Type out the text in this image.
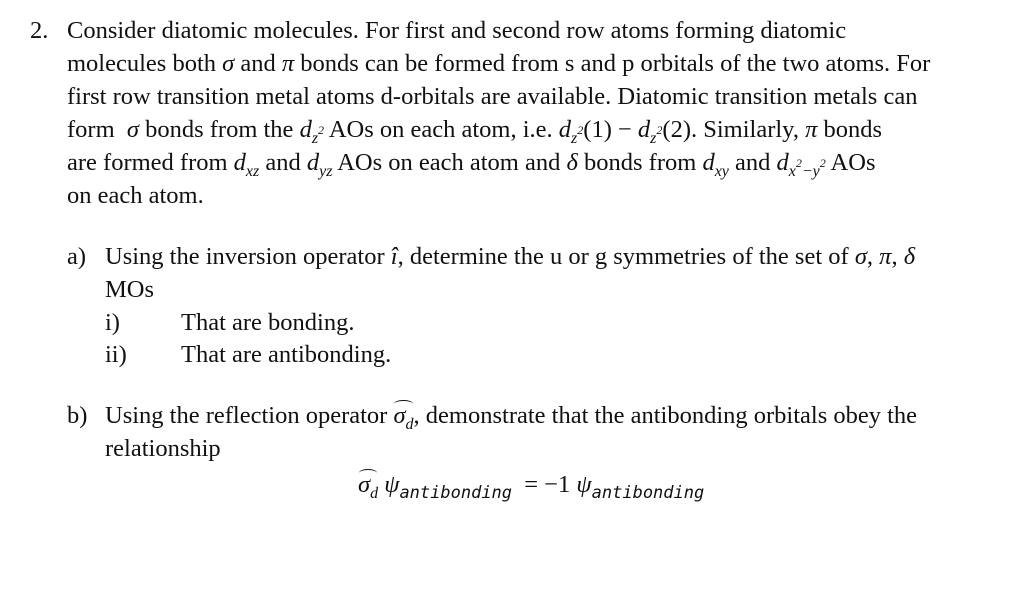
2. Consider diatomic molecules. For first and second row atoms forming diatomic
molecules both σ and π bonds can be formed from s and p orbitals of the two atoms. For
first row transition metal atoms d-orbitals are available. Diatomic transition metals can
form  σ bonds from the $d_{z^2}$ AOs on each atom, i.e. $d_{z^2}(1) - d_{z^2}(2)$. Similarly, π bonds
are formed from $d_{xz}$ and $d_{yz}$ AOs on each atom and δ bonds from $d_{xy}$ and $d_{x^2-y^2}$ AOs
on each atom.
a) Using the inversion operator î, determine the u or g symmetries of the set of σ, π, δ
MOs
i) That are bonding.
ii) That are antibonding.
b) Using the reflection operator $\sigma_d$, demonstrate that the antibonding orbitals obey the
relationship
$\sigma_d$ $\psi_{antibonding} = -1$ $\psi_{antibonding}$
